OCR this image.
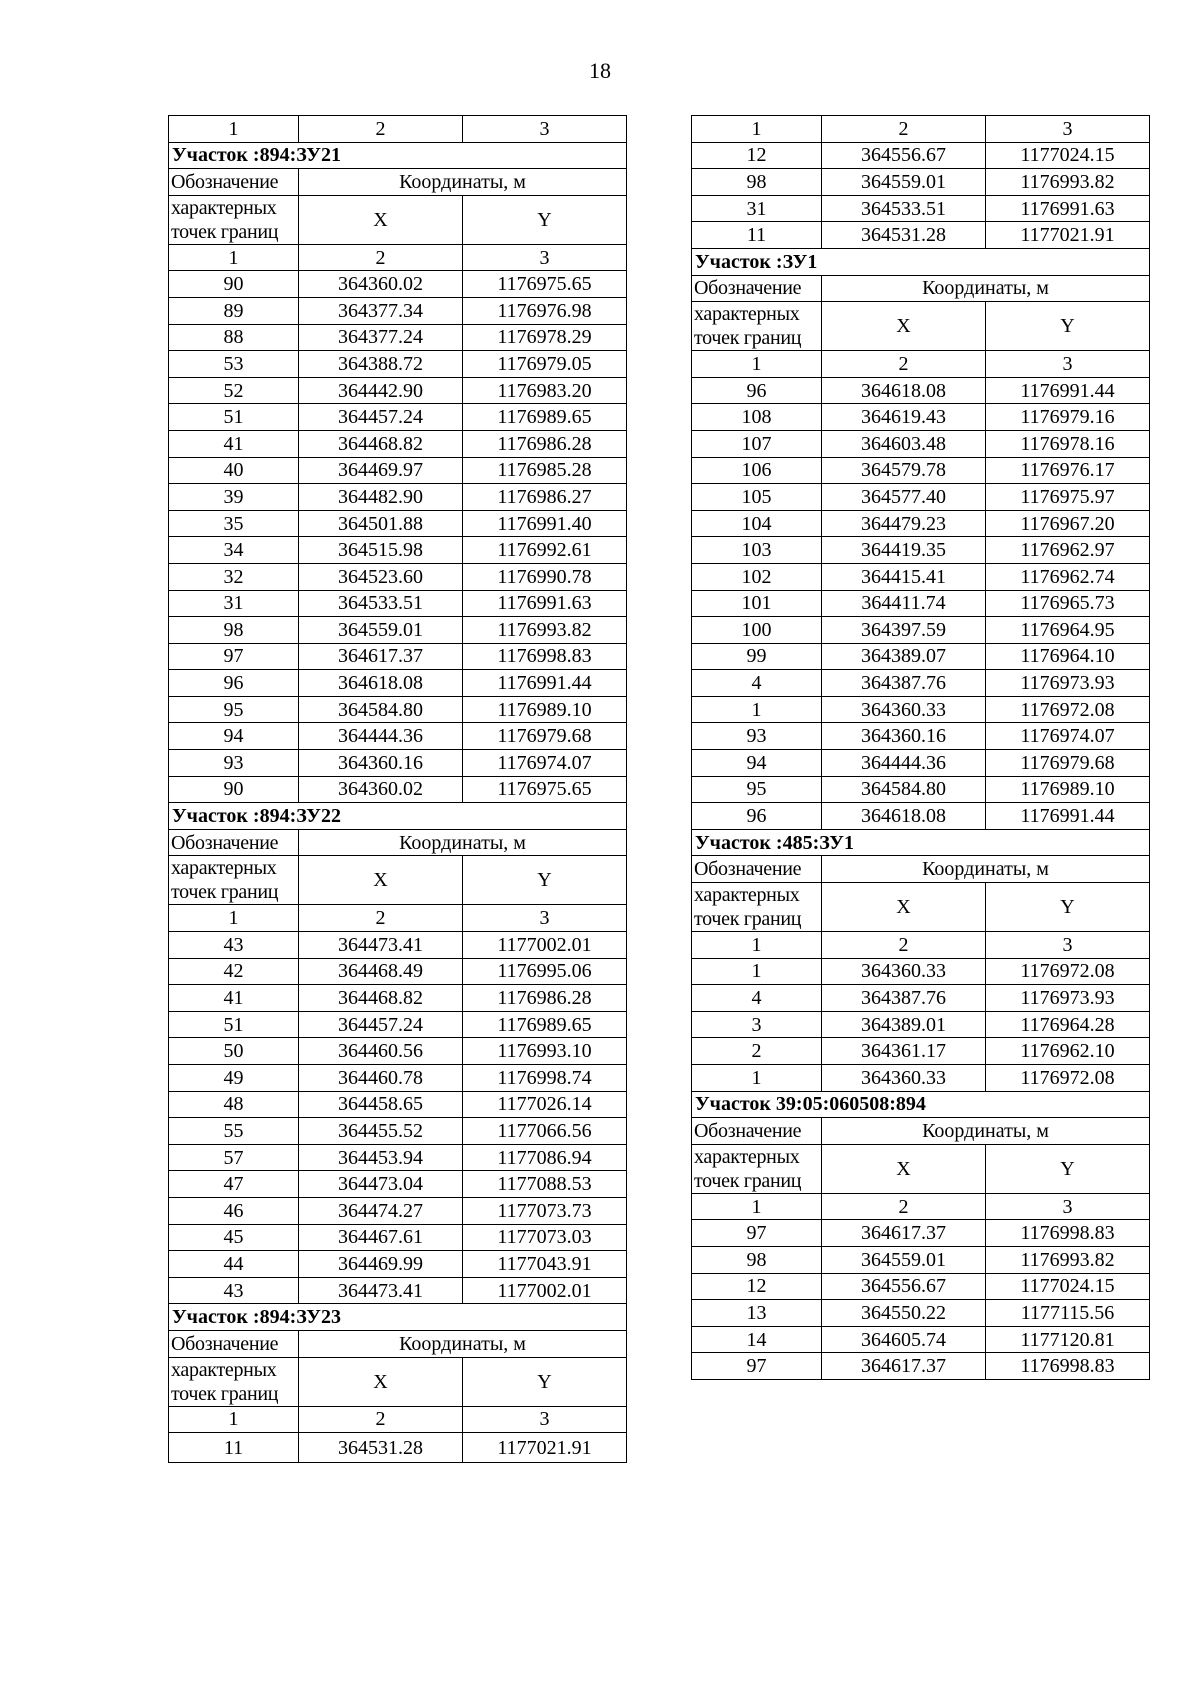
18
1	2	3
Участок :894:ЗУ21		
Обозначение	Координаты, м	
характерных
точек границ	X	Y

1	2	3
90	364360.02	1176975.65
89	364377.34	1176976.98
88	364377.24	1176978.29
53	364388.72	1176979.05
52	364442.90	1176983.20
51	364457.24	1176989.65
41	364468.82	1176986.28
40	364469.97	1176985.28
39	364482.90	1176986.27
35	364501.88	1176991.40
34	364515.98	1176992.61
32	364523.60	1176990.78
31	364533.51	1176991.63
98	364559.01	1176993.82
97	364617.37	1176998.83
96	364618.08	1176991.44
95	364584.80	1176989.10
94	364444.36	1176979.68
93	364360.16	1176974.07
90	364360.02	1176975.65
Участок :894:ЗУ22		
Обозначение	Координаты, м	
характерных
точек границ	X	Y

1	2	3
43	364473.41	1177002.01
42	364468.49	1176995.06
41	364468.82	1176986.28
51	364457.24	1176989.65
50	364460.56	1176993.10
49	364460.78	1176998.74
48	364458.65	1177026.14
55	364455.52	1177066.56
57	364453.94	1177086.94
47	364473.04	1177088.53
46	364474.27	1177073.73
45	364467.61	1177073.03
44	364469.99	1177043.91
43	364473.41	1177002.01
Участок :894:ЗУ23		
Обозначение	Координаты, м	
характерных
точек границ	X	Y

1	2	3
11	364531.28	1177021.91
1	2	3
12	364556.67	1177024.15
98	364559.01	1176993.82
31	364533.51	1176991.63
11	364531.28	1177021.91
Участок :ЗУ1		
Обозначение	Координаты, м	
характерных
точек границ	X	Y

1	2	3
96	364618.08	1176991.44
108	364619.43	1176979.16
107	364603.48	1176978.16
106	364579.78	1176976.17
105	364577.40	1176975.97
104	364479.23	1176967.20
103	364419.35	1176962.97
102	364415.41	1176962.74
101	364411.74	1176965.73
100	364397.59	1176964.95
99	364389.07	1176964.10
4	364387.76	1176973.93
1	364360.33	1176972.08
93	364360.16	1176974.07
94	364444.36	1176979.68
95	364584.80	1176989.10
96	364618.08	1176991.44
Участок :485:ЗУ1		
Обозначение	Координаты, м	
характерных
точек границ	X	Y

1	2	3
1	364360.33	1176972.08
4	364387.76	1176973.93
3	364389.01	1176964.28
2	364361.17	1176962.10
1	364360.33	1176972.08
Участок 39:05:060508:894		
Обозначение	Координаты, м	
характерных
точек границ	X	Y

1	2	3
97	364617.37	1176998.83
98	364559.01	1176993.82
12	364556.67	1177024.15
13	364550.22	1177115.56
14	364605.74	1177120.81
97	364617.37	1176998.83
